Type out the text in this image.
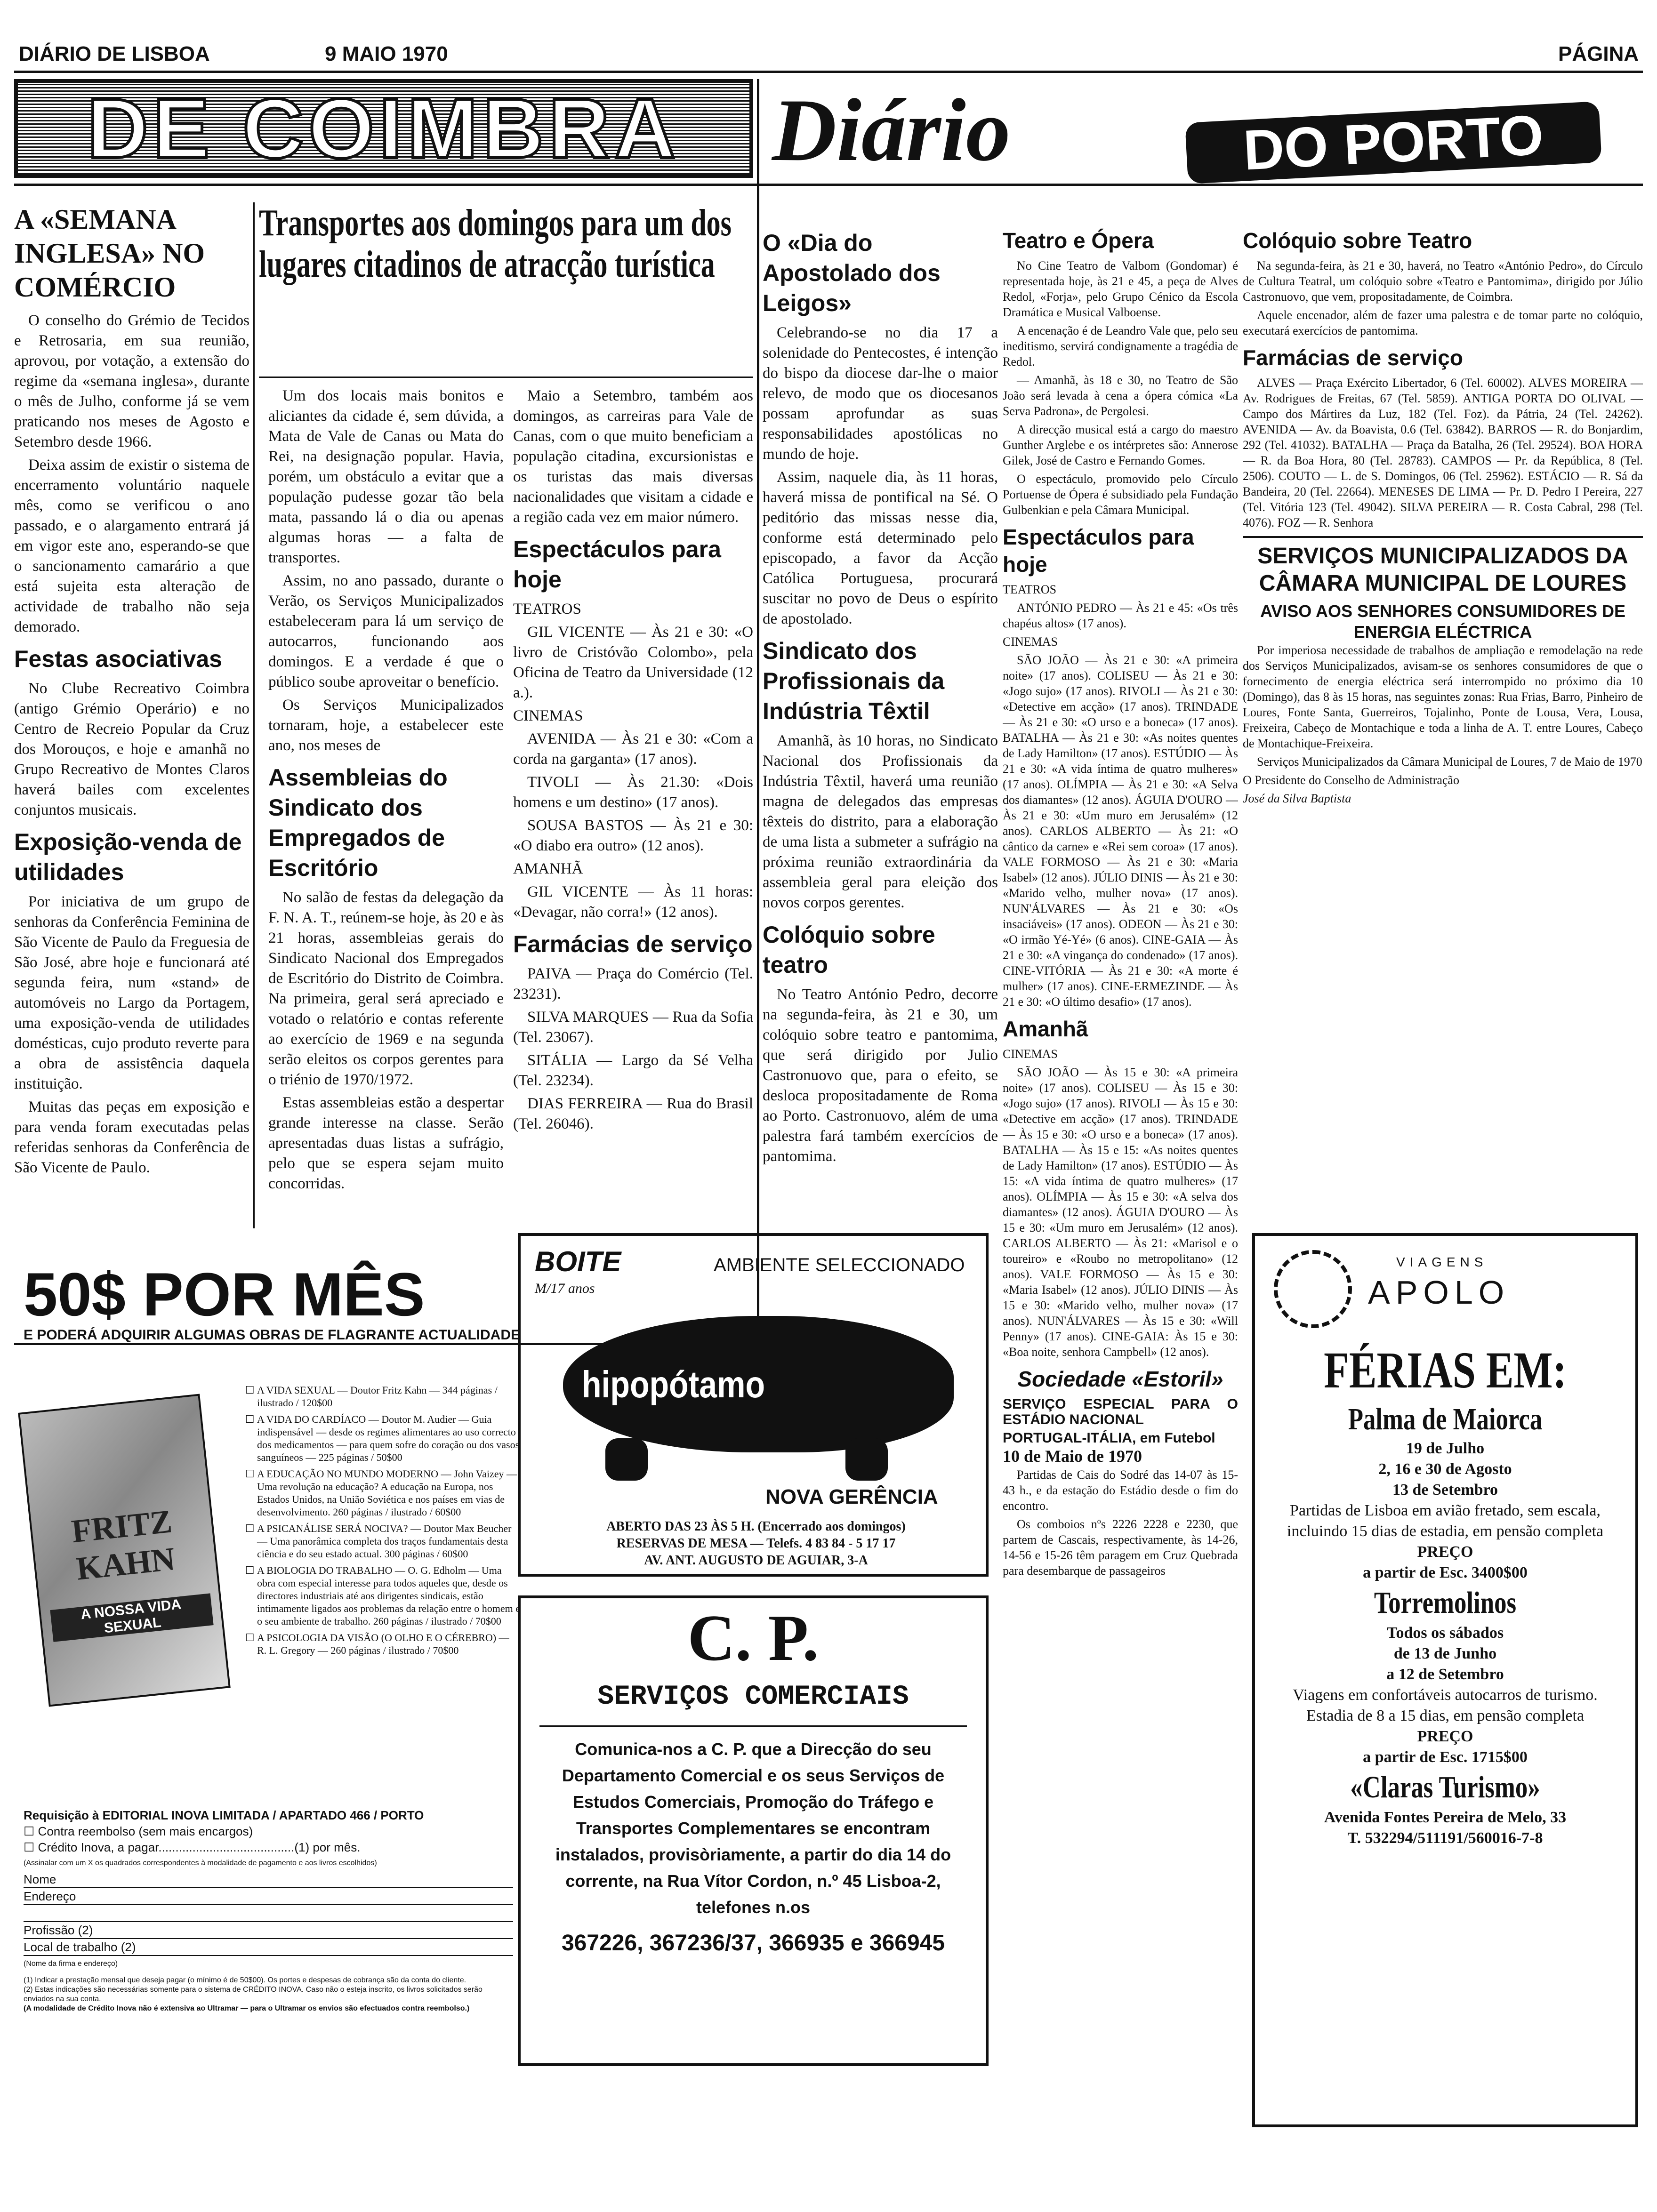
DIÁRIO DE LISBOA	9 MAIO 1970	PÁGINA
DE COIMBRA Diário	DO PORTO
A «SEMANA INGLESA» NO COMÉRCIO

O conselho do Grémio de Tecidos e Retrosaria, em sua reunião, aprovou, por votação, a extensão do regime da «semana inglesa», durante o mês de Julho, conforme já se vem praticando nos meses de Agosto e Setembro desde 1966.

Deixa assim de existir o sistema de encerramento voluntário naquele mês, como se verificou o ano passado, e o alargamento entrará já em vigor este ano, esperando-se que o sancionamento camarário a que está sujeita esta alteração de actividade de trabalho não seja demorado.

Festas asociativas

No Clube Recreativo Coimbra (antigo Grémio Operário) e no Centro de Recreio Popular da Cruz dos Morouços, e hoje e amanhã no Grupo Recreativo de Montes Claros haverá bailes com excelentes conjuntos musicais.

Exposição-venda de utilidades

Por iniciativa de um grupo de senhoras da Conferência Feminina de São Vicente de Paulo da Freguesia de São José, abre hoje e funcionará até segunda feira, num «stand» de automóveis no Largo da Portagem, uma exposição-venda de utilidades domésticas, cujo produto reverte para a obra de assistência daquela instituição.

Muitas das peças em exposição e para venda foram executadas pelas referidas senhoras da Conferência de São Vicente de Paulo.

Transportes aos domingos para um dos lugares citadinos de atracção turística

Um dos locais mais bonitos e aliciantes da cidade é, sem dúvida, a Mata de Vale de Canas ou Mata do Rei, na designação popular. Havia, porém, um obstáculo a evitar que a população pudesse gozar tão bela mata, passando lá o dia ou apenas algumas horas — a falta de transportes.

Assim, no ano passado, durante o Verão, os Serviços Municipalizados estabeleceram para lá um serviço de autocarros, funcionando aos domingos. E a verdade é que o público soube aproveitar o benefício.

Os Serviços Municipalizados tornaram, hoje, a estabelecer este ano, nos meses de

Assembleias do Sindicato dos Empregados de Escritório

No salão de festas da delegação da F. N. A. T., reúnem-se hoje, às 20 e às 21 horas, assembleias gerais do Sindicato Nacional dos Empregados de Escritório do Distrito de Coimbra. Na primeira, geral será apreciado e votado o relatório e contas referente ao exercício de 1969 e na segunda serão eleitos os corpos gerentes para o triénio de 1970/1972.

Estas assembleias estão a despertar grande interesse na classe. Serão apresentadas duas listas a sufrágio, pelo que se espera sejam muito concorridas.

Maio a Setembro, também aos domingos, as carreiras para Vale de Canas, com o que muito beneficiam a população citadina, excursionistas e os turistas das mais diversas nacionalidades que visitam a cidade e a região cada vez em maior número.

Espectáculos para hoje

TEATROS

GIL VICENTE — Às 21 e 30: «O livro de Cristóvão Colombo», pela Oficina de Teatro da Universidade (12 a.).

CINEMAS

AVENIDA — Às 21 e 30: «Com a corda na garganta» (17 anos).

TIVOLI — Às 21.30: «Dois homens e um destino» (17 anos).

SOUSA BASTOS — Às 21 e 30: «O diabo era outro» (12 anos).

AMANHÃ

GIL VICENTE — Às 11 horas: «Devagar, não corra!» (12 anos).

Farmácias de serviço

PAIVA — Praça do Comércio (Tel. 23231).

SILVA MARQUES — Rua da Sofia (Tel. 23067).

SITÁLIA — Largo da Sé Velha (Tel. 23234).

DIAS FERREIRA — Rua do Brasil (Tel. 26046).

50$ POR MÊS
E PODERÁ ADQUIRIR ALGUMAS OBRAS DE FLAGRANTE ACTUALIDADE
FRITZ KAHN
A NOSSA VIDA SEXUAL
☐ A VIDA SEXUAL — Doutor Fritz Kahn — 344 páginas / ilustrado / 120$00
☐ A VIDA DO CARDÍACO — Doutor M. Audier — Guia indispensável — desde os regimes alimentares ao uso correcto dos medicamentos — para quem sofre do coração ou dos vasos sanguíneos — 225 páginas / 50$00
☐ A EDUCAÇÃO NO MUNDO MODERNO — John Vaizey — Uma revolução na educação? A educação na Europa, nos Estados Unidos, na União Soviética e nos países em vias de desenvolvimento. 260 páginas / ilustrado / 60$00
☐ A PSICANÁLISE SERÁ NOCIVA? — Doutor Max Beucher — Uma panorâmica completa dos traços fundamentais desta ciência e do seu estado actual. 300 páginas / 60$00
☐ A BIOLOGIA DO TRABALHO — O. G. Edholm — Uma obra com especial interesse para todos aqueles que, desde os directores industriais até aos dirigentes sindicais, estão intimamente ligados aos problemas da relação entre o homem e o seu ambiente de trabalho. 260 páginas / ilustrado / 70$00
☐ A PSICOLOGIA DA VISÃO (O OLHO E O CÉREBRO) — R. L. Gregory — 260 páginas / ilustrado / 70$00
Requisição à EDITORIAL INOVA LIMITADA / APARTADO 466 / PORTO
☐ Contra reembolso (sem mais encargos)
☐ Crédito Inova, a pagar........................................(1) por mês.
(Assinalar com um X os quadrados correspondentes à modalidade de pagamento e aos livros escolhidos)
Nome
Endereço
Profissão (2)
Local de trabalho (2)
(Nome da firma e endereço)
(1) Indicar a prestação mensal que deseja pagar (o mínimo é de 50$00). Os portes e despesas de cobrança são da conta do cliente.
(2) Estas indicações são necessárias somente para o sistema de CRÉDITO INOVA. Caso não o esteja inscrito, os livros solicitados serão enviados na sua conta.
(A modalidade de Crédito Inova não é extensiva ao Ultramar — para o Ultramar os envios são efectuados contra reembolso.)
O «Dia do Apostolado dos Leigos»

Celebrando-se no dia 17 a solenidade do Pentecostes, é intenção do bispo da diocese dar-lhe o maior relevo, de modo que os diocesanos possam aprofundar as suas responsabilidades apostólicas no mundo de hoje.

Assim, naquele dia, às 11 horas, haverá missa de pontifical na Sé. O peditório das missas nesse dia, conforme está determinado pelo episcopado, a favor da Acção Católica Portuguesa, procurará suscitar no povo de Deus o espírito de apostolado.

Sindicato dos Profissionais da Indústria Têxtil

Amanhã, às 10 horas, no Sindicato Nacional dos Profissionais da Indústria Têxtil, haverá uma reunião magna de delegados das empresas têxteis do distrito, para a elaboração de uma lista a submeter a sufrágio na próxima reunião extraordinária da assembleia geral para eleição dos novos corpos gerentes.

Colóquio sobre teatro

No Teatro António Pedro, decorre na segunda-feira, às 21 e 30, um colóquio sobre teatro e pantomima, que será dirigido por Julio Castronuovo que, para o efeito, se desloca propositadamente de Roma ao Porto. Castronuovo, além de uma palestra fará também exercícios de pantomima.

BOITE
M/17 anos
AMBIENTE SELECCIONADO
hipopótamo
NOVA GERÊNCIA
ABERTO DAS 23 ÀS 5 H. (Encerrado aos domingos)
RESERVAS DE MESA — Telefs. 4 83 84 - 5 17 17
AV. ANT. AUGUSTO DE AGUIAR, 3-A
C. P.
SERVIÇOS COMERCIAIS
Comunica-nos a C. P. que a Direcção do seu Departamento Comercial e os seus Serviços de Estudos Comerciais, Promoção do Tráfego e Transportes Complementares se encontram instalados, provisòriamente, a partir do dia 14 do corrente, na Rua Vítor Cordon, n.º 45 Lisboa-2, telefones n.os
367226, 367236/37, 366935 e 366945
Teatro e Ópera

No Cine Teatro de Valbom (Gondomar) é representada hoje, às 21 e 45, a peça de Alves Redol, «Forja», pelo Grupo Cénico da Escola Dramática e Musical Valboense.

A encenação é de Leandro Vale que, pelo seu ineditismo, servirá condignamente a tragédia de Redol.

— Amanhã, às 18 e 30, no Teatro de São João será levada à cena a ópera cómica «La Serva Padrona», de Pergolesi.

A direcção musical está a cargo do maestro Gunther Arglebe e os intérpretes são: Annerose Gilek, José de Castro e Fernando Gomes.

O espectáculo, promovido pelo Círculo Portuense de Ópera é subsidiado pela Fundação Gulbenkian e pela Câmara Municipal.

Espectáculos para hoje

TEATROS

ANTÓNIO PEDRO — Às 21 e 45: «Os três chapéus altos» (17 anos).

CINEMAS

SÃO JOÃO — Às 21 e 30: «A primeira noite» (17 anos). COLISEU — Às 21 e 30: «Jogo sujo» (17 anos). RIVOLI — Às 21 e 30: «Detective em acção» (17 anos). TRINDADE — Às 21 e 30: «O urso e a boneca» (17 anos). BATALHA — Às 21 e 30: «As noites quentes de Lady Hamilton» (17 anos). ESTÚDIO — Às 21 e 30: «A vida íntima de quatro mulheres» (17 anos). OLÍMPIA — Às 21 e 30: «A Selva dos diamantes» (12 anos). ÁGUIA D'OURO — Às 21 e 30: «Um muro em Jerusalém» (12 anos). CARLOS ALBERTO — Às 21: «O cântico da carne» e «Rei sem coroa» (17 anos). VALE FORMOSO — Às 21 e 30: «Maria Isabel» (12 anos). JÚLIO DINIS — Às 21 e 30: «Marido velho, mulher nova» (17 anos). NUN'ÁLVARES — Às 21 e 30: «Os insaciáveis» (17 anos). ODEON — Às 21 e 30: «O irmão Yé-Yé» (6 anos). CINE-GAIA — Às 21 e 30: «A vingança do condenado» (17 anos). CINE-VITÓRIA — Às 21 e 30: «A morte é mulher» (17 anos). CINE-ERMEZINDE — Às 21 e 30: «O último desafio» (17 anos).

Amanhã

CINEMAS

SÃO JOÃO — Às 15 e 30: «A primeira noite» (17 anos). COLISEU — Às 15 e 30: «Jogo sujo» (17 anos). RIVOLI — Às 15 e 30: «Detective em acção» (17 anos). TRINDADE — Às 15 e 30: «O urso e a boneca» (17 anos). BATALHA — Às 15 e 15: «As noites quentes de Lady Hamilton» (17 anos). ESTÚDIO — Às 15: «A vida íntima de quatro mulheres» (17 anos). OLÍMPIA — Às 15 e 30: «A selva dos diamantes» (12 anos). ÁGUIA D'OURO — Às 15 e 30: «Um muro em Jerusalém» (12 anos). CARLOS ALBERTO — Às 21: «Marisol e o toureiro» e «Roubo no metropolitano» (12 anos). VALE FORMOSO — Às 15 e 30: «Maria Isabel» (12 anos). JÚLIO DINIS — Às 15 e 30: «Marido velho, mulher nova» (17 anos). NUN'ÁLVARES — Às 15 e 30: «Will Penny» (17 anos). CINE-GAIA: Às 15 e 30: «Boa noite, senhora Campbell» (12 anos).

Sociedade «Estoril»

SERVIÇO ESPECIAL PARA O ESTÁDIO NACIONAL

PORTUGAL-ITÁLIA, em Futebol

10 de Maio de 1970

Partidas de Cais do Sodré das 14-07 às 15-43 h., e da estação do Estádio desde o fim do encontro.

Os comboios nºs 2226 2228 e 2230, que partem de Cascais, respectivamente, às 14-26, 14-56 e 15-26 têm paragem em Cruz Quebrada para desembarque de passageiros

Colóquio sobre Teatro

Na segunda-feira, às 21 e 30, haverá, no Teatro «António Pedro», do Círculo de Cultura Teatral, um colóquio sobre «Teatro e Pantomima», dirigido por Júlio Castronuovo, que vem, propositadamente, de Coimbra.

Aquele encenador, além de fazer uma palestra e de tomar parte no colóquio, executará exercícios de pantomima.

Farmácias de serviço

ALVES — Praça Exército Libertador, 6 (Tel. 60002). ALVES MOREIRA — Av. Rodrigues de Freitas, 67 (Tel. 5859). ANTIGA PORTA DO OLIVAL — Campo dos Mártires da Luz, 182 (Tel. Foz). da Pátria, 24 (Tel. 24262). AVENIDA — Av. da Boavista, 0.6 (Tel. 63842). BARROS — R. do Bonjardim, 292 (Tel. 41032). BATALHA — Praça da Batalha, 26 (Tel. 29524). BOA HORA — R. da Boa Hora, 80 (Tel. 28783). CAMPOS — Pr. da República, 8 (Tel. 2506). COUTO — L. de S. Domingos, 06 (Tel. 25962). ESTÁCIO — R. Sá da Bandeira, 20 (Tel. 22664). MENESES DE LIMA — Pr. D. Pedro I Pereira, 227 (Tel. Vitória 123 (Tel. 49042). SILVA PEREIRA — R. Costa Cabral, 298 (Tel. 4076). FOZ — R. Senhora

SERVIÇOS MUNICIPALIZADOS DA CÂMARA MUNICIPAL DE LOURES
AVISO AOS SENHORES CONSUMIDORES DE ENERGIA ELÉCTRICA

Por imperiosa necessidade de trabalhos de ampliação e remodelação na rede dos Serviços Municipalizados, avisam-se os senhores consumidores de que o fornecimento de energia eléctrica será interrompido no próximo dia 10 (Domingo), das 8 às 15 horas, nas seguintes zonas: Rua Frias, Barro, Pinheiro de Loures, Fonte Santa, Guerreiros, Tojalinho, Ponte de Lousa, Vera, Lousa, Freixeira, Cabeço de Montachique e toda a linha de A. T. entre Loures, Cabeço de Montachique-Freixeira.

Serviços Municipalizados da Câmara Municipal de Loures, 7 de Maio de 1970

O Presidente do Conselho de Administração

José da Silva Baptista

VIAGENS
APOLO
FÉRIAS EM:
Palma de Maiorca
19 de Julho
2, 16 e 30 de Agosto
13 de Setembro
Partidas de Lisboa em avião fretado, sem escala, incluindo 15 dias de estadia, em pensão completa
PREÇO
a partir de Esc. 3400$00
Torremolinos
Todos os sábados
de 13 de Junho
a 12 de Setembro
Viagens em confortáveis autocarros de turismo. Estadia de 8 a 15 dias, em pensão completa
PREÇO
a partir de Esc. 1715$00
«Claras Turismo»
Avenida Fontes Pereira de Melo, 33
T. 532294/511191/560016-7-8
